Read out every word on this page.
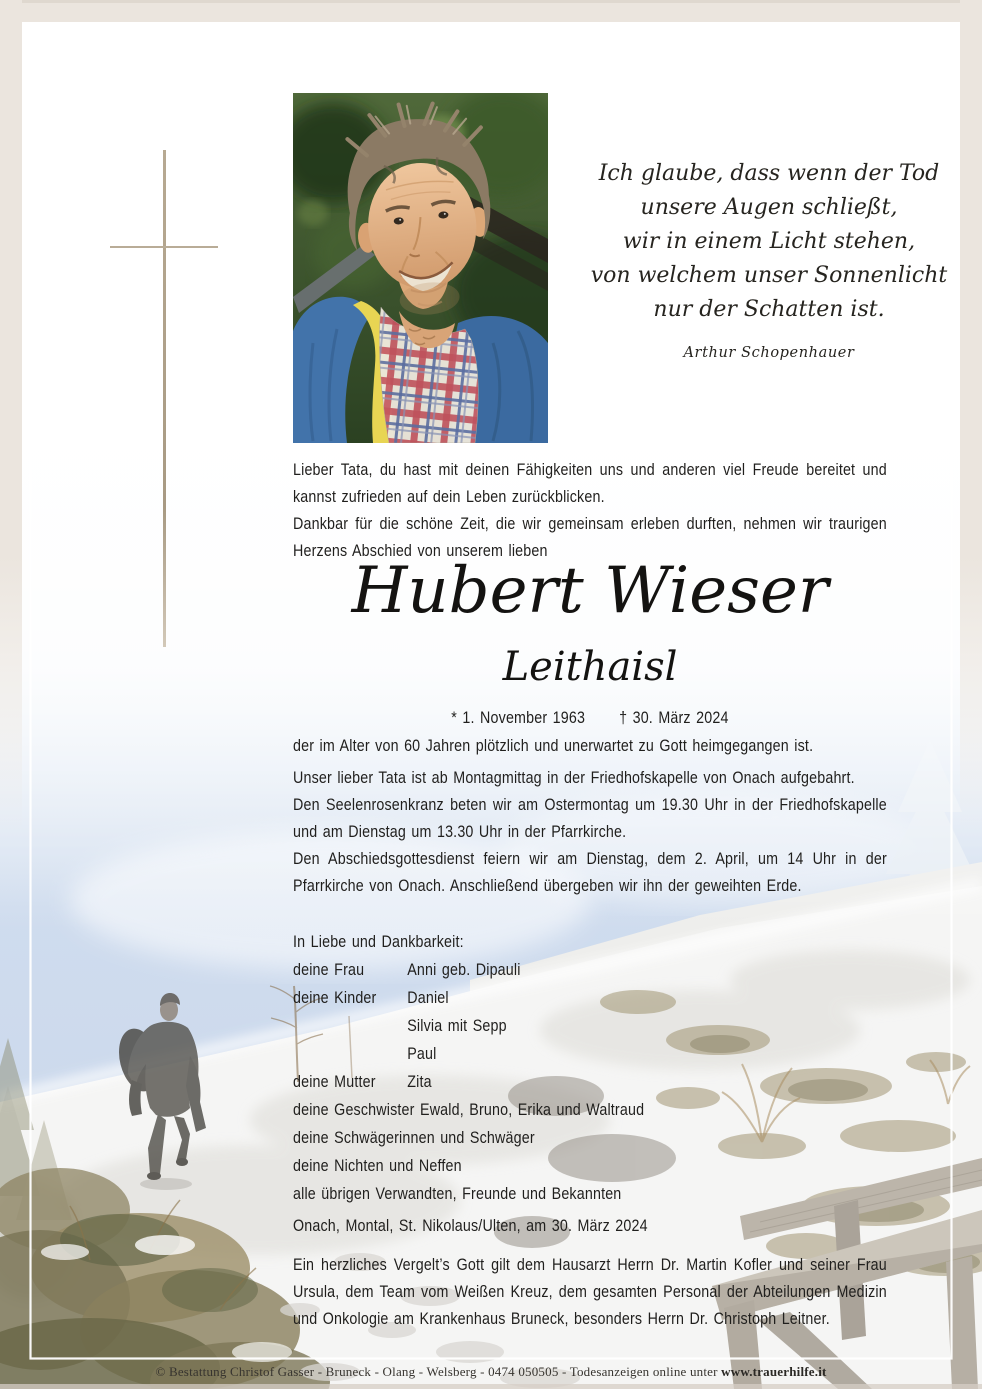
Ich glaube, dass wenn der Tod
unsere Augen schließt,
wir in einem Licht stehen,
von welchem unser Sonnenlicht
nur der Schatten ist.
Arthur Schopenhauer
Lieber Tata, du hast mit deinen Fähigkeiten uns und anderen viel Freude bereitet und kannst zufrieden auf dein Leben zurückblicken.
Dankbar für die schöne Zeit, die wir gemeinsam erleben durften, nehmen wir traurigen Herzens Abschied von unserem lieben
Hubert Wieser
Leithaisl
* 1. November 1963 † 30. März 2024
der im Alter von 60 Jahren plötzlich und unerwartet zu Gott heimgegangen ist.
Unser lieber Tata ist ab Montagmittag in der Friedhofskapelle von Onach aufgebahrt.
Den Seelenrosenkranz beten wir am Ostermontag um 19.30 Uhr in der Friedhofskapelle und am Dienstag um 13.30 Uhr in der Pfarrkirche.
Den Abschiedsgottesdienst feiern wir am Dienstag, dem 2. April, um 14 Uhr in der Pfarrkirche von Onach. Anschließend übergeben wir ihn der geweihten Erde.
In Liebe und Dankbarkeit:
deine Frau	Anni geb. Dipauli
deine Kinder Daniel
Silvia mit Sepp
Paul
deine Mutter Zita
deine Geschwister Ewald, Bruno, Erika und Waltraud
deine Schwägerinnen und Schwäger
deine Nichten und Neffen
alle übrigen Verwandten, Freunde und Bekannten
Onach, Montal, St. Nikolaus/Ulten, am 30. März 2024
Ein herzliches Vergelt’s Gott gilt dem Hausarzt Herrn Dr. Martin Kofler und seiner Frau Ursula, dem Team vom Weißen Kreuz, dem gesamten Personal der Abteilungen Medizin und Onkologie am Krankenhaus Bruneck, besonders Herrn Dr. Christoph Leitner.
© Bestattung Christof Gasser - Bruneck - Olang - Welsberg - 0474 050505 - Todesanzeigen online unter www.trauerhilfe.it
